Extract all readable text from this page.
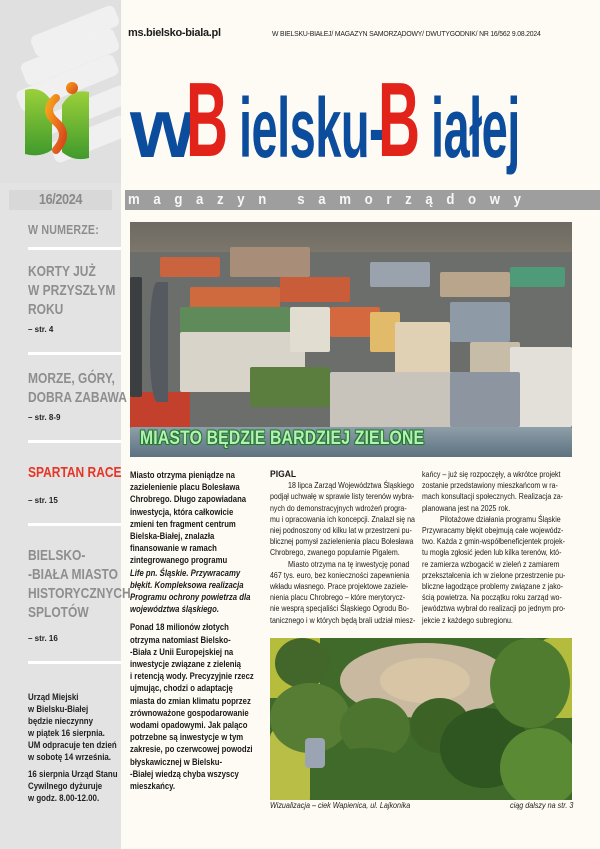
16/2024
W NUMERZE:
KORTY JUŻ
W PRZYSZŁYM
ROKU
– str. 4
MORZE, GÓRY,
DOBRA ZABAWA
– str. 8-9
SPARTAN RACE
– str. 15
BIELSKO-
-BIAŁA MIASTO
HISTORYCZNYCH
SPLOTÓW
– str. 16

Urząd Miejski

w Bielsku-Białej

będzie nieczynny

w piątek 16 sierpnia.

UM odpracuje ten dzień

w sobotę 14 września.

16 sierpnia Urząd Stanu

Cywilnego dyżuruje

w godz. 8.00-12.00.

ms.bielsko-biala.pl	W BIELSKU-BIAŁEJ/ MAGAZYN SAMORZĄDOWY/ DWUTYGODNIK/ NR 16/562 9.08.2024
wB ielsku-B iałej
magazyn samorządowy
MIASTO BĘDZIE BARDZIEJ ZIELONE

Miasto otrzyma pieniądze na

zazielenienie placu Bolesława

Chrobrego. Długo zapowiadana

inwestycja, która całkowicie

zmieni ten fragment centrum

Bielska-Białej, znalazła

finansowanie w ramach

zintegrowanego programu

Life pn. Śląskie. Przywracamy

błękit. Kompleksowa realizacja

Programu ochrony powietrza dla

województwa śląskiego.

Ponad 18 milionów złotych

otrzyma natomiast Bielsko-

-Biała z Unii Europejskiej na

inwestycje związane z zielenią

i retencją wody. Precyzyjnie rzecz

ujmując, chodzi o adaptację

miasta do zmian klimatu poprzez

zrównoważone gospodarowanie

wodami opadowymi. Jak paląco

potrzebne są inwestycje w tym

zakresie, po czerwcowej powodzi

błyskawicznej w Bielsku-

-Białej wiedzą chyba wszyscy

mieszkańcy.

PIGAL

18 lipca Zarząd Województwa Śląskiego

podjął uchwałę w sprawie listy terenów wybra-

nych do demonstracyjnych wdrożeń progra-

mu i opracowania ich koncepcji. Znalazł się na

niej podnoszony od kilku lat w przestrzeni pu-

blicznej pomysł zazielenienia placu Bolesława

Chrobrego, zwanego popularnie Pigalem.

Miasto otrzyma na tę inwestycję ponad

467 tys. euro, bez konieczności zapewnienia

wkładu własnego. Prace projektowe zaziele-

nienia placu Chrobrego – które merytorycz-

nie wesprą specjaliści Śląskiego Ogrodu Bo-

tanicznego i w których będą brali udział miesz-

kańcy – już się rozpoczęły, a wkrótce projekt

zostanie przedstawiony mieszkańcom w ra-

mach konsultacji społecznych. Realizacja za-

planowana jest na 2025 rok.

Pilotażowe działania programu Śląskie

Przywracamy błękit obejmują całe wojewódz-

two. Każda z gmin-współbeneficjentek projek-

tu mogła zgłosić jeden lub kilka terenów, któ-

re zamierza wzbogacić w zieleń z zamiarem

przekształcenia ich w zielone przestrzenie pu-

bliczne łagodzące problemy związane z jako-

ścią powietrza. Na początku roku zarząd wo-

jewództwa wybrał do realizacji po jednym pro-

jekcie z każdego subregionu.

Wizualizacja – ciek Wapienica, ul. Lajkonika	ciąg dalszy na str. 3
